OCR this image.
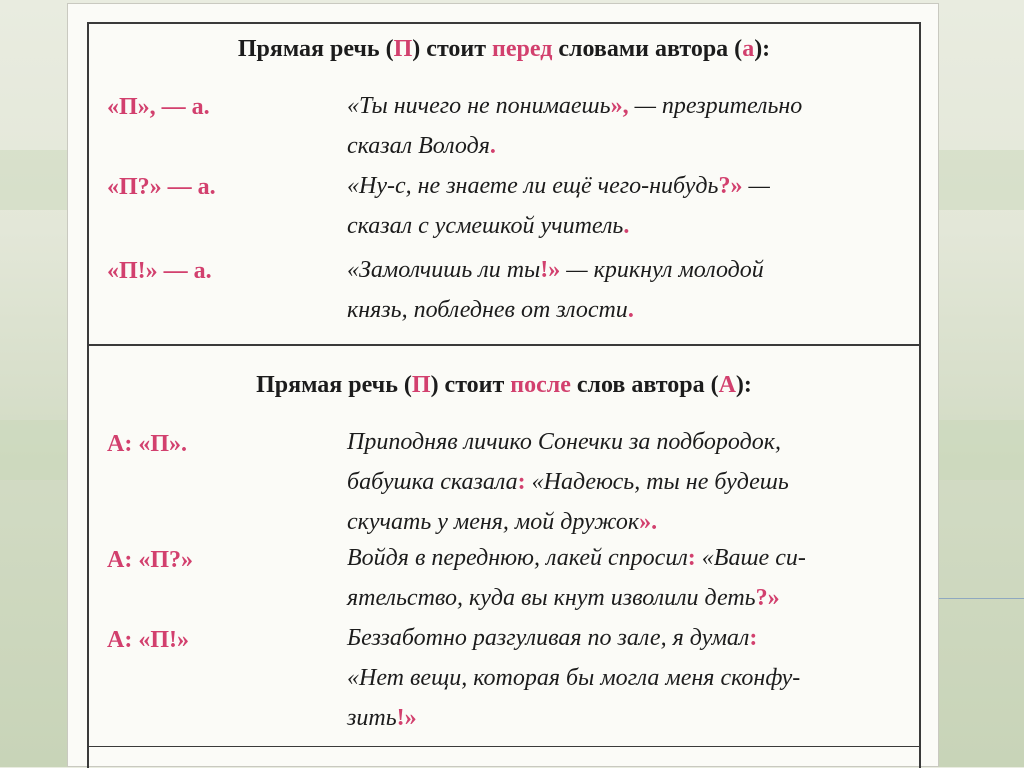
Прямая речь (П) стоит перед словами автора (а):
«П», — а.	«Ты ничего не понимаешь», — презрительно
сказал Володя.
«П?» — а.	«Ну-с, не знаете ли ещё чего-нибудь?» —
сказал с усмешкой учитель.
«П!» — а.	«Замолчишь ли ты!» — крикнул молодой
князь, побледнев от злости.
Прямая речь (П) стоит после слов автора (А):
А: «П».	Приподняв личико Сонечки за подбородок,
бабушка сказала: «Надеюсь, ты не будешь
скучать у меня, мой дружок».
А: «П?»	Войдя в переднюю, лакей спросил: «Ваше си-
ятельство, куда вы кнут изволили деть?»
А: «П!»	Беззаботно разгуливая по зале, я думал:
«Нет вещи, которая бы могла меня сконфу-
зить!»
